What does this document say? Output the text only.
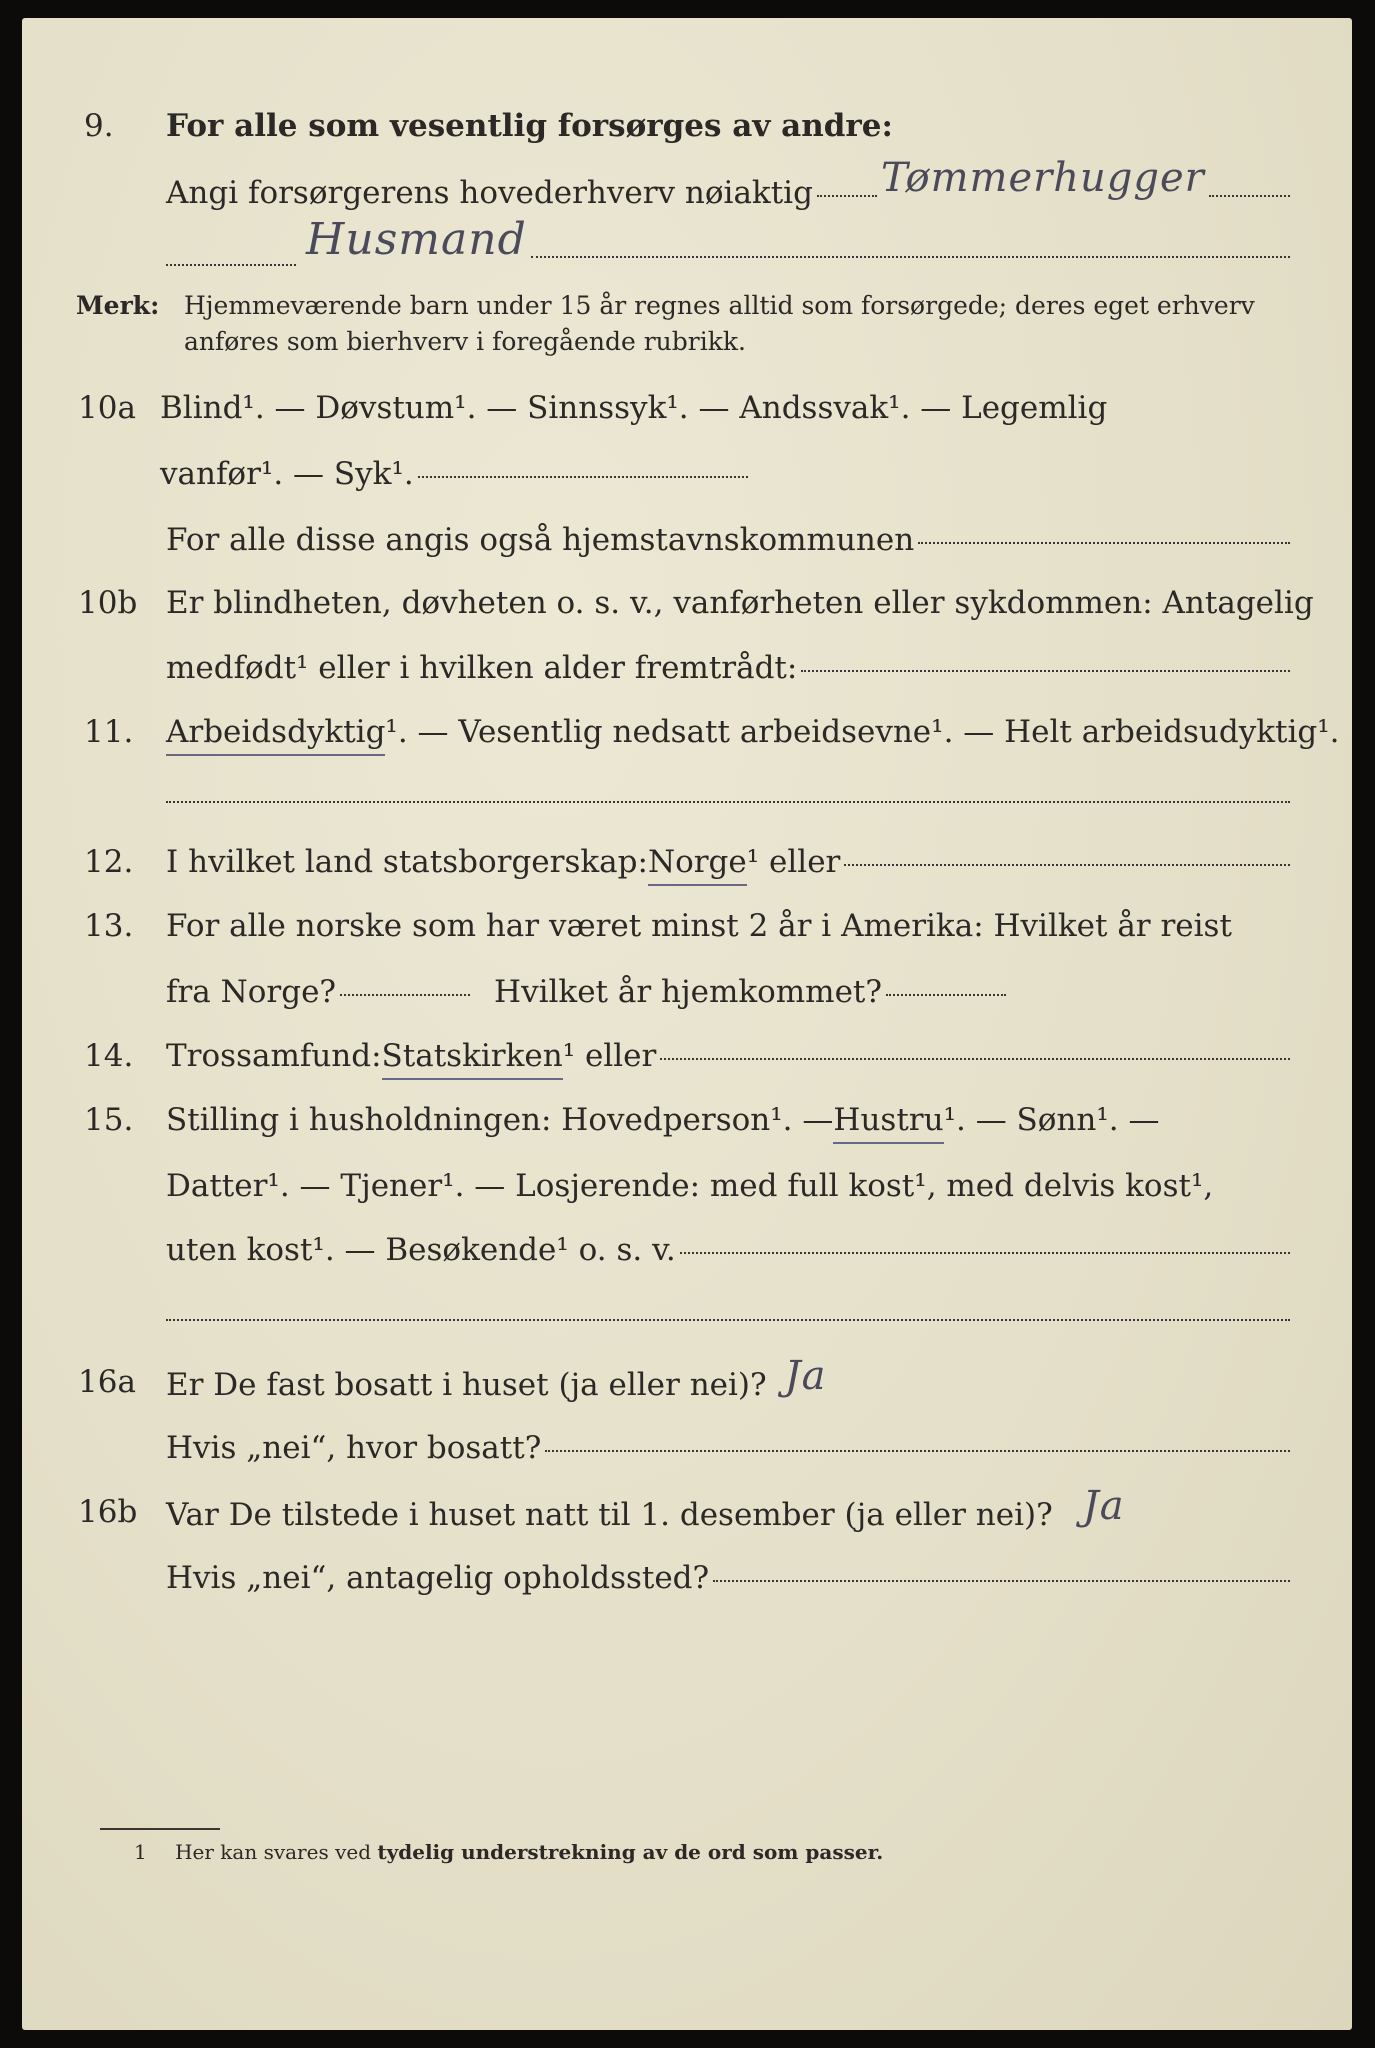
9. For alle som vesentlig forsørges av andre:
Angi forsørgerens hovederhverv nøiaktig Tømmerhugger
Husmand
Merk: Hjemmeværende barn under 15 år regnes alltid som forsørgede; deres eget erhverv
anføres som bierhverv i foregående rubrikk.
10a Blind¹. — Døvstum¹. — Sinnssyk¹. — Andssvak¹. — Legemlig
vanfør¹. — Syk¹.
For alle disse angis også hjemstavnskommunen
10b Er blindheten, døvheten o. s. v., vanførheten eller sykdommen: Antagelig
medfødt¹ eller i hvilken alder fremtrådt:
11. Arbeidsdyktig ¹. — Vesentlig nedsatt arbeidsevne¹. — Helt arbeidsudyktig¹.
12. I hvilket land statsborgerskap: Norge ¹ eller
13. For alle norske som har været minst 2 år i Amerika: Hvilket år reist
fra Norge?	Hvilket år hjemkommet?
14. Trossamfund: Statskirken ¹ eller
15. Stilling i husholdningen: Hovedperson¹. — Hustru ¹. — Sønn¹. —
Datter¹. — Tjener¹. — Losjerende: med full kost¹, med delvis kost¹,
uten kost¹. — Besøkende¹ o. s. v.
16a Er De fast bosatt i huset (ja eller nei)? Ja
Hvis „nei“, hvor bosatt?
16b Var De tilstede i huset natt til 1. desember (ja eller nei)? Ja
Hvis „nei“, antagelig opholdssted?
1 Her kan svares ved tydelig understrekning av de ord som passer.
